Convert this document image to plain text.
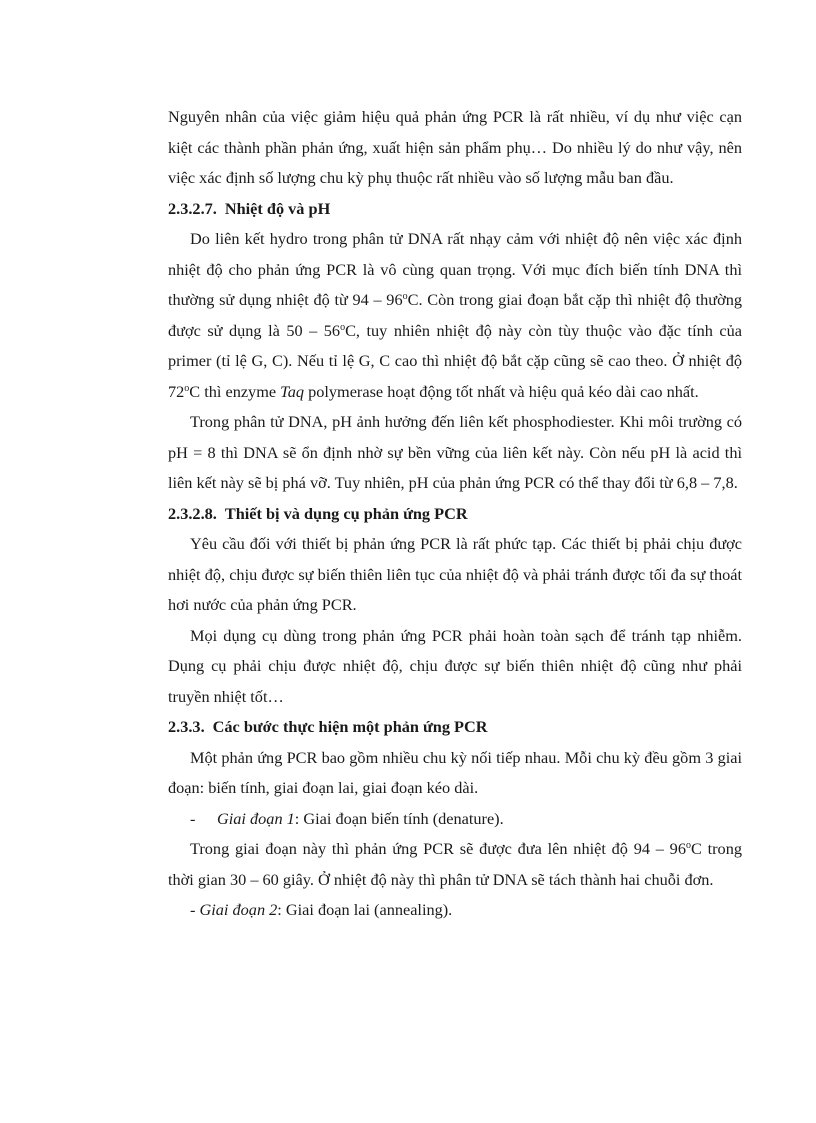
Nguyên nhân của việc giảm hiệu quả phản ứng PCR là rất nhiều, ví dụ như việc cạn kiệt các thành phần phản ứng, xuất hiện sản phẩm phụ… Do nhiều lý do như vậy, nên việc xác định số lượng chu kỳ phụ thuộc rất nhiều vào số lượng mẫu ban đầu.

2.3.2.7. Nhiệt độ và pH

Do liên kết hydro trong phân tử DNA rất nhạy cảm với nhiệt độ nên việc xác định nhiệt độ cho phản ứng PCR là vô cùng quan trọng. Với mục đích biến tính DNA thì thường sử dụng nhiệt độ từ 94 – 96$^o$C. Còn trong giai đoạn bắt cặp thì nhiệt độ thường được sử dụng là 50 – 56$^o$C, tuy nhiên nhiệt độ này còn tùy thuộc vào đặc tính của primer (tỉ lệ G, C). Nếu tỉ lệ G, C cao thì nhiệt độ bắt cặp cũng sẽ cao theo. Ở nhiệt độ 72$^o$C thì enzyme Taq polymerase hoạt động tốt nhất và hiệu quả kéo dài cao nhất.

Trong phân tử DNA, pH ảnh hưởng đến liên kết phosphodiester. Khi môi trường có pH = 8 thì DNA sẽ ổn định nhờ sự bền vững của liên kết này. Còn nếu pH là acid thì liên kết này sẽ bị phá vỡ. Tuy nhiên, pH của phản ứng PCR có thể thay đổi từ 6,8 – 7,8.

2.3.2.8. Thiết bị và dụng cụ phản ứng PCR

Yêu cầu đối với thiết bị phản ứng PCR là rất phức tạp. Các thiết bị phải chịu được nhiệt độ, chịu được sự biến thiên liên tục của nhiệt độ và phải tránh được tối đa sự thoát hơi nước của phản ứng PCR.

Mọi dụng cụ dùng trong phản ứng PCR phải hoàn toàn sạch để tránh tạp nhiễm. Dụng cụ phải chịu được nhiệt độ, chịu được sự biến thiên nhiệt độ cũng như phải truyền nhiệt tốt…

2.3.3. Các bước thực hiện một phản ứng PCR

Một phản ứng PCR bao gồm nhiều chu kỳ nối tiếp nhau. Mỗi chu kỳ đều gồm 3 giai đoạn: biến tính, giai đoạn lai, giai đoạn kéo dài.

- Giai đoạn 1: Giai đoạn biến tính (denature).

Trong giai đoạn này thì phản ứng PCR sẽ được đưa lên nhiệt độ 94 – 96$^o$C trong thời gian 30 – 60 giây. Ở nhiệt độ này thì phân tử DNA sẽ tách thành hai chuỗi đơn.

- Giai đoạn 2: Giai đoạn lai (annealing).
